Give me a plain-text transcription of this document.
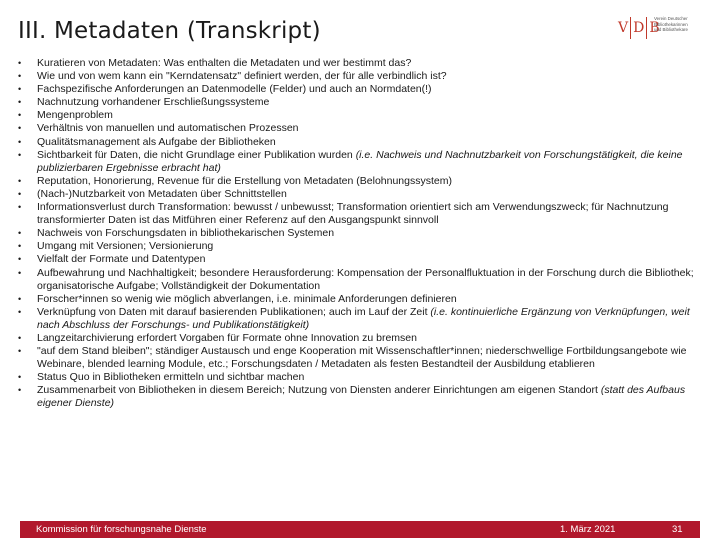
III. Metadaten (Transkript)	V D B
Verein Deutscher
Bibliothekarinnen
und Bibliothekare
• Kuratieren von Metadaten: Was enthalten die Metadaten und wer bestimmt das?
• Wie und von wem kann ein "Kerndatensatz" definiert werden, der für alle verbindlich ist?
• Fachspezifische Anforderungen an Datenmodelle (Felder) und auch an Normdaten(!)
• Nachnutzung vorhandener Erschließungssysteme
• Mengenproblem
• Verhältnis von manuellen und automatischen Prozessen
• Qualitätsmanagement als Aufgabe der Bibliotheken
• Sichtbarkeit für Daten, die nicht Grundlage einer Publikation wurden (i.e. Nachweis und Nachnutzbarkeit von Forschungstätigkeit, die keine publizierbaren Ergebnisse erbracht hat)
• Reputation, Honorierung, Revenue für die Erstellung von Metadaten (Belohnungssystem)
• (Nach-)Nutzbarkeit von Metadaten über Schnittstellen
• Informationsverlust durch Transformation: bewusst / unbewusst; Transformation orientiert sich am Verwendungszweck; für Nachnutzung transformierter Daten ist das Mitführen einer Referenz auf den Ausgangspunkt sinnvoll
• Nachweis von Forschungsdaten in bibliothekarischen Systemen
• Umgang mit Versionen; Versionierung
• Vielfalt der Formate und Datentypen
• Aufbewahrung und Nachhaltigkeit; besondere Herausforderung: Kompensation der Personalfluktuation in der Forschung durch die Bibliothek; organisatorische Aufgabe; Vollständigkeit der Dokumentation
• Forscher*innen so wenig wie möglich abverlangen, i.e. minimale Anforderungen definieren
• Verknüpfung von Daten mit darauf basierenden Publikationen; auch im Lauf der Zeit (i.e. kontinuierliche Ergänzung von Verknüpfungen, weit nach Abschluss der Forschungs- und Publikationstätigkeit)
• Langzeitarchivierung erfordert Vorgaben für Formate ohne Innovation zu bremsen
• "auf dem Stand bleiben"; ständiger Austausch und enge Kooperation mit Wissenschaftler*innen; niederschwellige Fortbildungsangebote wie Webinare, blended learning Module, etc.; Forschungsdaten / Metadaten als festen Bestandteil der Ausbildung etablieren
• Status Quo in Bibliotheken ermitteln und sichtbar machen
• Zusammenarbeit von Bibliotheken in diesem Bereich; Nutzung von Diensten anderer Einrichtungen am eigenen Standort (statt des Aufbaus eigener Dienste)
Kommission für forschungsnahe Dienste	1. März 2021	31
